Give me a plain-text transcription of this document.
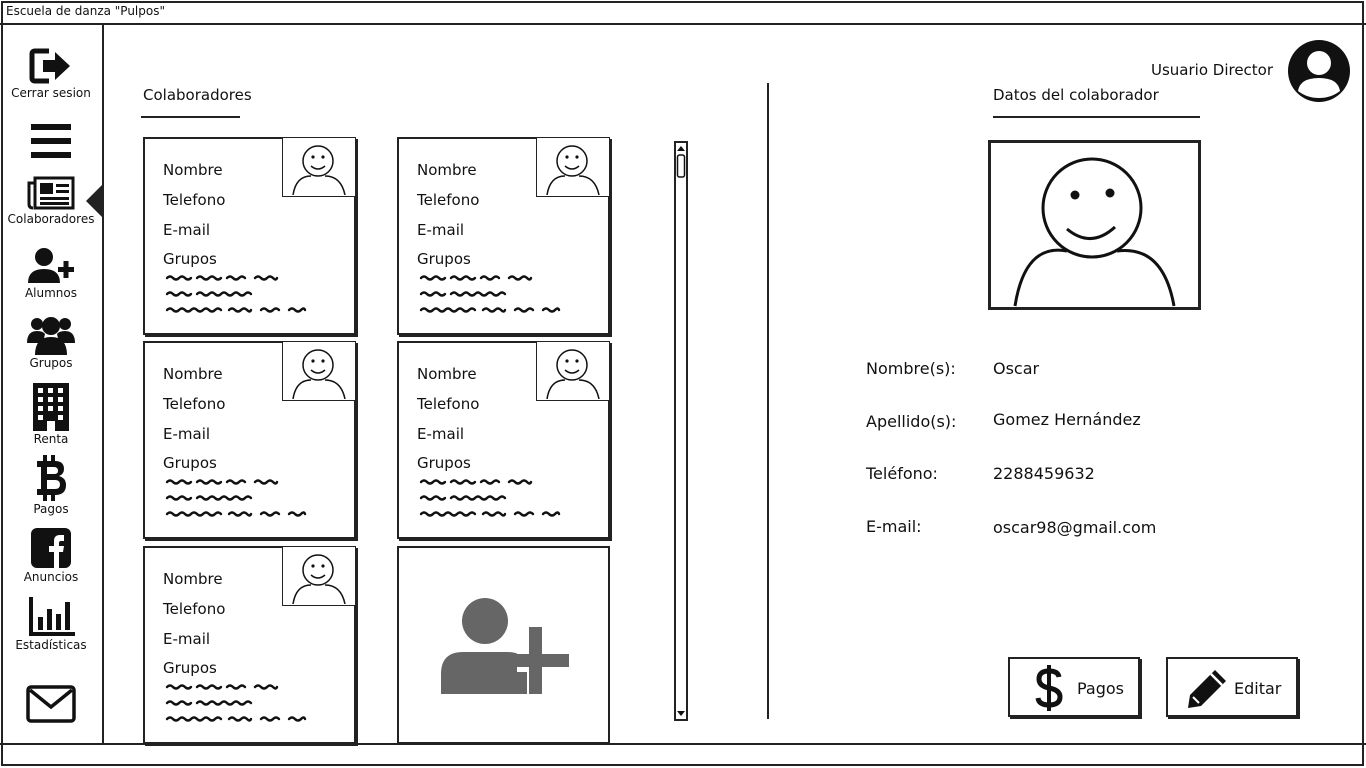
Escuela de danza "Pulpos"
Cerrar sesion
Colaboradores
Alumnos
Grupos
Renta
Pagos
Anuncios
Estadísticas
Colaboradores
Nombre
Telefono
E-mail
Grupos
Nombre
Telefono
E-mail
Grupos
Nombre
Telefono
E-mail
Grupos
Nombre
Telefono
E-mail
Grupos
Nombre
Telefono
E-mail
Grupos
Usuario Director
Datos del colaborador
Nombre(s): Oscar
Apellido(s): Gomez Hernández
Teléfono:	2288459632
E-mail:	oscar98@gmail.com
Pagos	Editar
